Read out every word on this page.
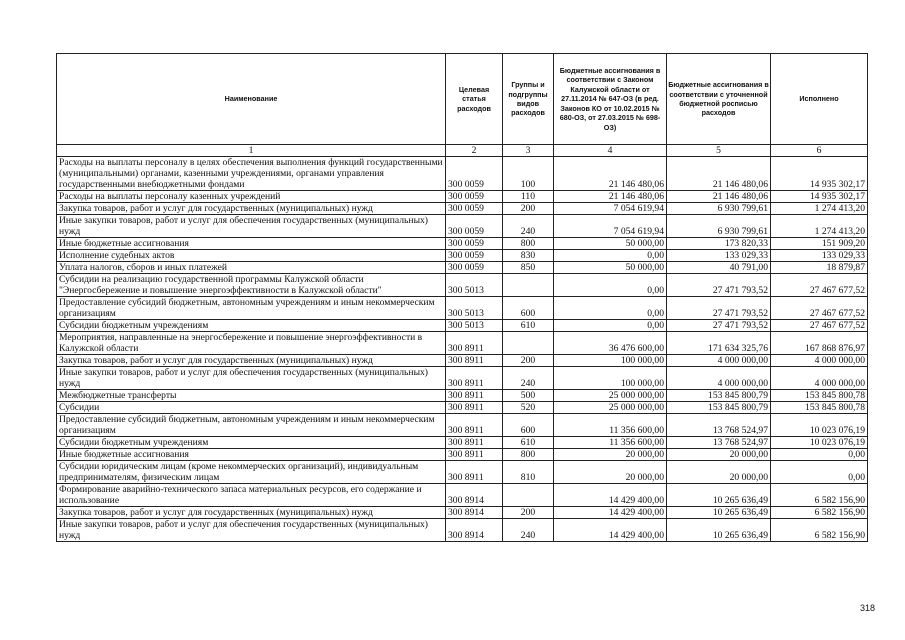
Наименование	Целевая статья расходов	Группы и подгруппы видов расходов	Бюджетные ассигнования в соответствии с Законом Калужской области от 27.11.2014 № 647-ОЗ (в ред. Законов КО от 10.02.2015 № 680-ОЗ, от 27.03.2015 № 698-ОЗ)	Бюджетные ассигнования в соответствии с уточненной бюджетной росписью расходов	Исполнено
1	2	3	4	5	6
Расходы на выплаты персоналу в целях обеспечения выполнения функций государственными (муниципальными) органами, казенными учреждениями, органами управления государственными внебюджетными фондами	300 0059	100	21 146 480,06	21 146 480,06	14 935 302,17
Расходы на выплаты персоналу казенных учреждений	300 0059	110	21 146 480,06	21 146 480,06	14 935 302,17
Закупка товаров, работ и услуг для государственных (муниципальных) нужд	300 0059	200	7 054 619,94	6 930 799,61	1 274 413,20
Иные закупки товаров, работ и услуг для обеспечения государственных (муниципальных) нужд	300 0059	240	7 054 619,94	6 930 799,61	1 274 413,20
Иные бюджетные ассигнования	300 0059	800	50 000,00	173 820,33	151 909,20
Исполнение судебных актов	300 0059	830	0,00	133 029,33	133 029,33
Уплата налогов, сборов и иных платежей	300 0059	850	50 000,00	40 791,00	18 879,87
Субсидии на реализацию государственной программы Калужской области "Энергосбережение и повышение энергоэффективности в Калужской области"	300 5013		0,00	27 471 793,52	27 467 677,52
Предоставление субсидий бюджетным, автономным учреждениям и иным некоммерческим организациям	300 5013	600	0,00	27 471 793,52	27 467 677,52
Субсидии бюджетным учреждениям	300 5013	610	0,00	27 471 793,52	27 467 677,52
Мероприятия, направленные на энергосбережение и повышение энергоэффективности в Калужской области	300 8911		36 476 600,00	171 634 325,76	167 868 876,97
Закупка товаров, работ и услуг для государственных (муниципальных) нужд	300 8911	200	100 000,00	4 000 000,00	4 000 000,00
Иные закупки товаров, работ и услуг для обеспечения государственных (муниципальных) нужд	300 8911	240	100 000,00	4 000 000,00	4 000 000,00
Межбюджетные трансферты	300 8911	500	25 000 000,00	153 845 800,79	153 845 800,78
Субсидии	300 8911	520	25 000 000,00	153 845 800,79	153 845 800,78
Предоставление субсидий бюджетным, автономным учреждениям и иным некоммерческим организациям	300 8911	600	11 356 600,00	13 768 524,97	10 023 076,19
Субсидии бюджетным учреждениям	300 8911	610	11 356 600,00	13 768 524,97	10 023 076,19
Иные бюджетные ассигнования	300 8911	800	20 000,00	20 000,00	0,00
Субсидии юридическим лицам (кроме некоммерческих организаций), индивидуальным предпринимателям, физическим лицам	300 8911	810	20 000,00	20 000,00	0,00
Формирование аварийно-технического запаса материальных ресурсов, его содержание и использование	300 8914		14 429 400,00	10 265 636,49	6 582 156,90
Закупка товаров, работ и услуг для государственных (муниципальных) нужд	300 8914	200	14 429 400,00	10 265 636,49	6 582 156,90
Иные закупки товаров, работ и услуг для обеспечения государственных (муниципальных) нужд	300 8914	240	14 429 400,00	10 265 636,49	6 582 156,90
318
